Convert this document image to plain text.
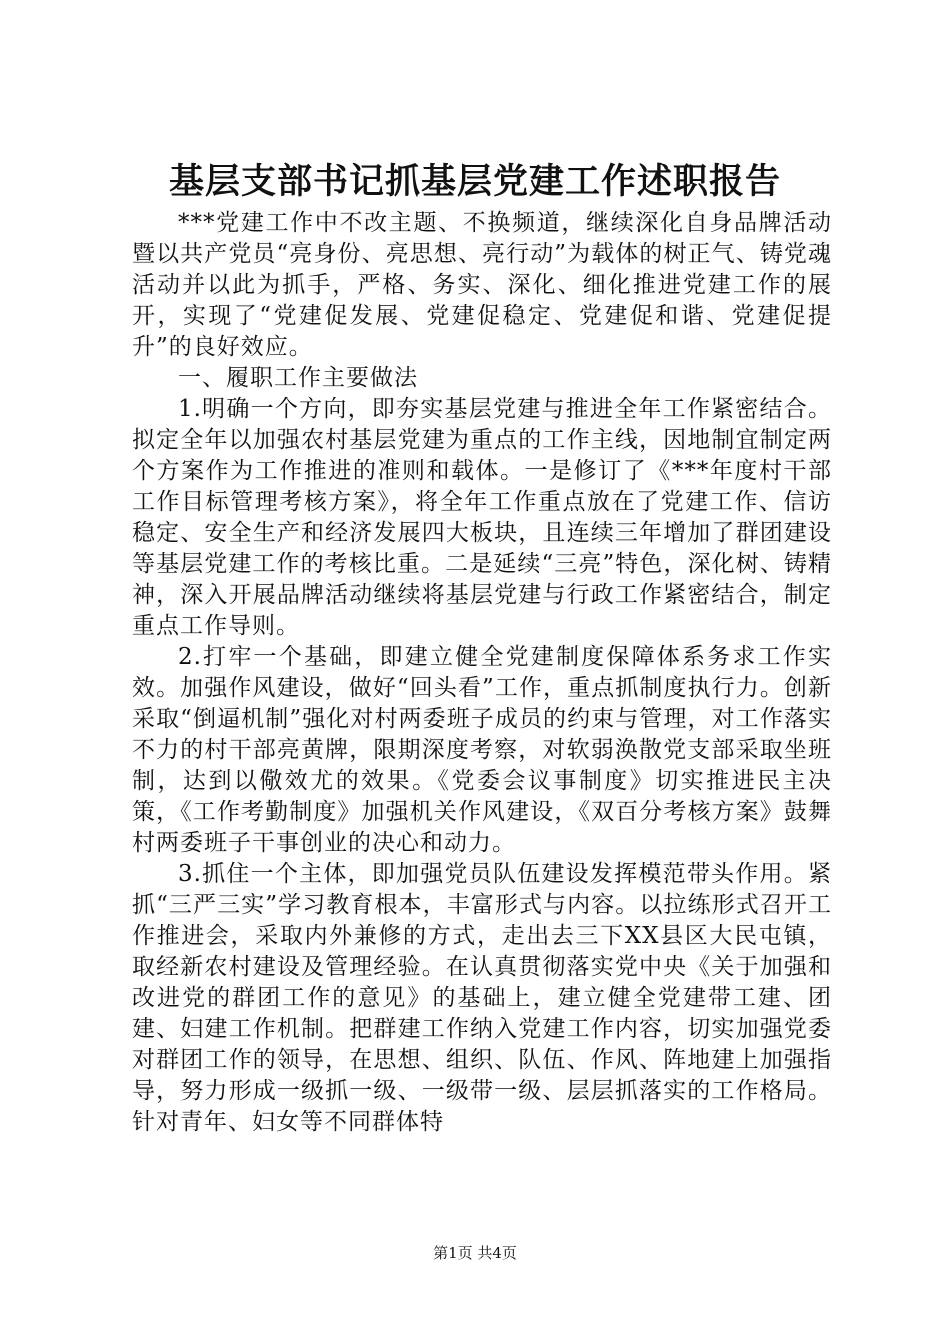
基层支部书记抓基层党建工作述职报告

***党建工作中不改主题、不换频道，继续深化自身品牌活动暨以共产党员“亮身份、亮思想、亮行动”为载体的树正气、铸党魂活动并以此为抓手，严格、务实、深化、细化推进党建工作的展开，实现了“党建促发展、党建促稳定、党建促和谐、党建促提升”的良好效应。

一、履职工作主要做法

1.明确一个方向，即夯实基层党建与推进全年工作紧密结合。拟定全年以加强农村基层党建为重点的工作主线，因地制宜制定两个方案作为工作推进的准则和载体。一是修订了《***年度村干部工作目标管理考核方案》，将全年工作重点放在了党建工作、信访稳定、安全生产和经济发展四大板块，且连续三年增加了群团建设等基层党建工作的考核比重。二是延续“三亮”特色，深化树、铸精神，深入开展品牌活动继续将基层党建与行政工作紧密结合，制定重点工作导则。

2.打牢一个基础，即建立健全党建制度保障体系务求工作实效。加强作风建设，做好“回头看”工作，重点抓制度执行力。创新采取“倒逼机制”强化对村两委班子成员的约束与管理，对工作落实不力的村干部亮黄牌，限期深度考察，对软弱涣散党支部采取坐班制，达到以儆效尤的效果。《党委会议事制度》切实推进民主决策，《工作考勤制度》加强机关作风建设，《双百分考核方案》鼓舞村两委班子干事创业的决心和动力。

3.抓住一个主体，即加强党员队伍建设发挥模范带头作用。紧抓“三严三实”学习教育根本，丰富形式与内容。以拉练形式召开工作推进会，采取内外兼修的方式，走出去三下XX县区大民屯镇，取经新农村建设及管理经验。在认真贯彻落实党中央《关于加强和改进党的群团工作的意见》的基础上，建立健全党建带工建、团建、妇建工作机制。把群建工作纳入党建工作内容，切实加强党委对群团工作的领导，在思想、组织、队伍、作风、阵地建上加强指导，努力形成一级抓一级、一级带一级、层层抓落实的工作格局。针对青年、妇女等不同群体特

第1页 共4页
